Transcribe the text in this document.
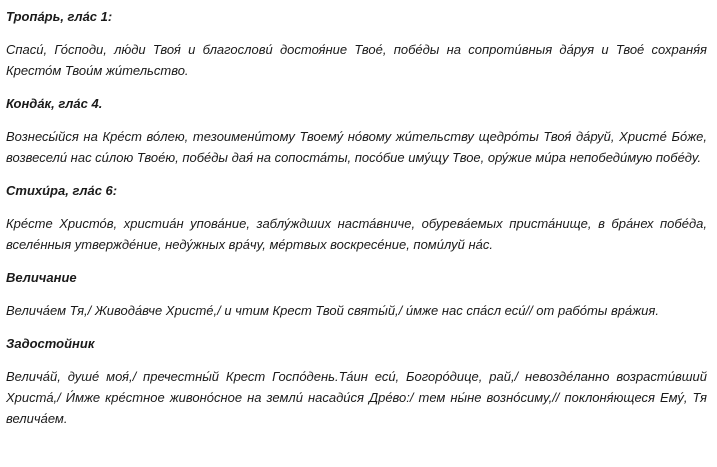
Тропа́рь, гла́с 1:

Спаси́, Го́споди, лю́ди Твоя́ и благослови́ достоя́ние Твое́, побе́ды на сопроти́вныя да́руя и Твое́ сохраня́я Кресто́м Твои́м жи́тельство.

Конда́к, гла́с 4.

Вознесы́йся на Кре́ст во́лею, тезоимени́тому Твоему́ но́вому жи́тельству щедро́ты Твоя́ да́руй, Христе́ Бо́же, возвесели́ нас си́лою Твое́ю, побе́ды дая́ на сопоста́ты, посо́бие иму́щу Твое, ору́жие ми́ра непобеди́мую побе́ду.

Стихи́ра, гла́с 6:

Кре́сте Христо́в, христиа́н упова́ние, заблу́ждших наста́вниче, обурева́емых приста́нище, в бра́нех побе́да, вселе́нныя утвержде́ние, неду́жных вра́чу, ме́ртвых воскресе́ние, поми́луй на́с.

Величание

Велича́ем Тя,/ Живода́вче Христе́,/ и чтим Крест Твой святы́й,/ и́мже нас спа́сл еси́// от рабо́ты вра́жия.

Задостойник

Велича́й, душе́ моя́,/ пречестны́й Крест Госпо́день.Та́ин еси́, Богоро́дице, рай,/ невозде́ланно возрасти́вший Христа́,/ И́мже кре́стное живоно́сное на земли́ насади́ся Дре́во:/ тем ны́не возно́симу,// поклоня́ющеся Ему́, Тя велича́ем.
